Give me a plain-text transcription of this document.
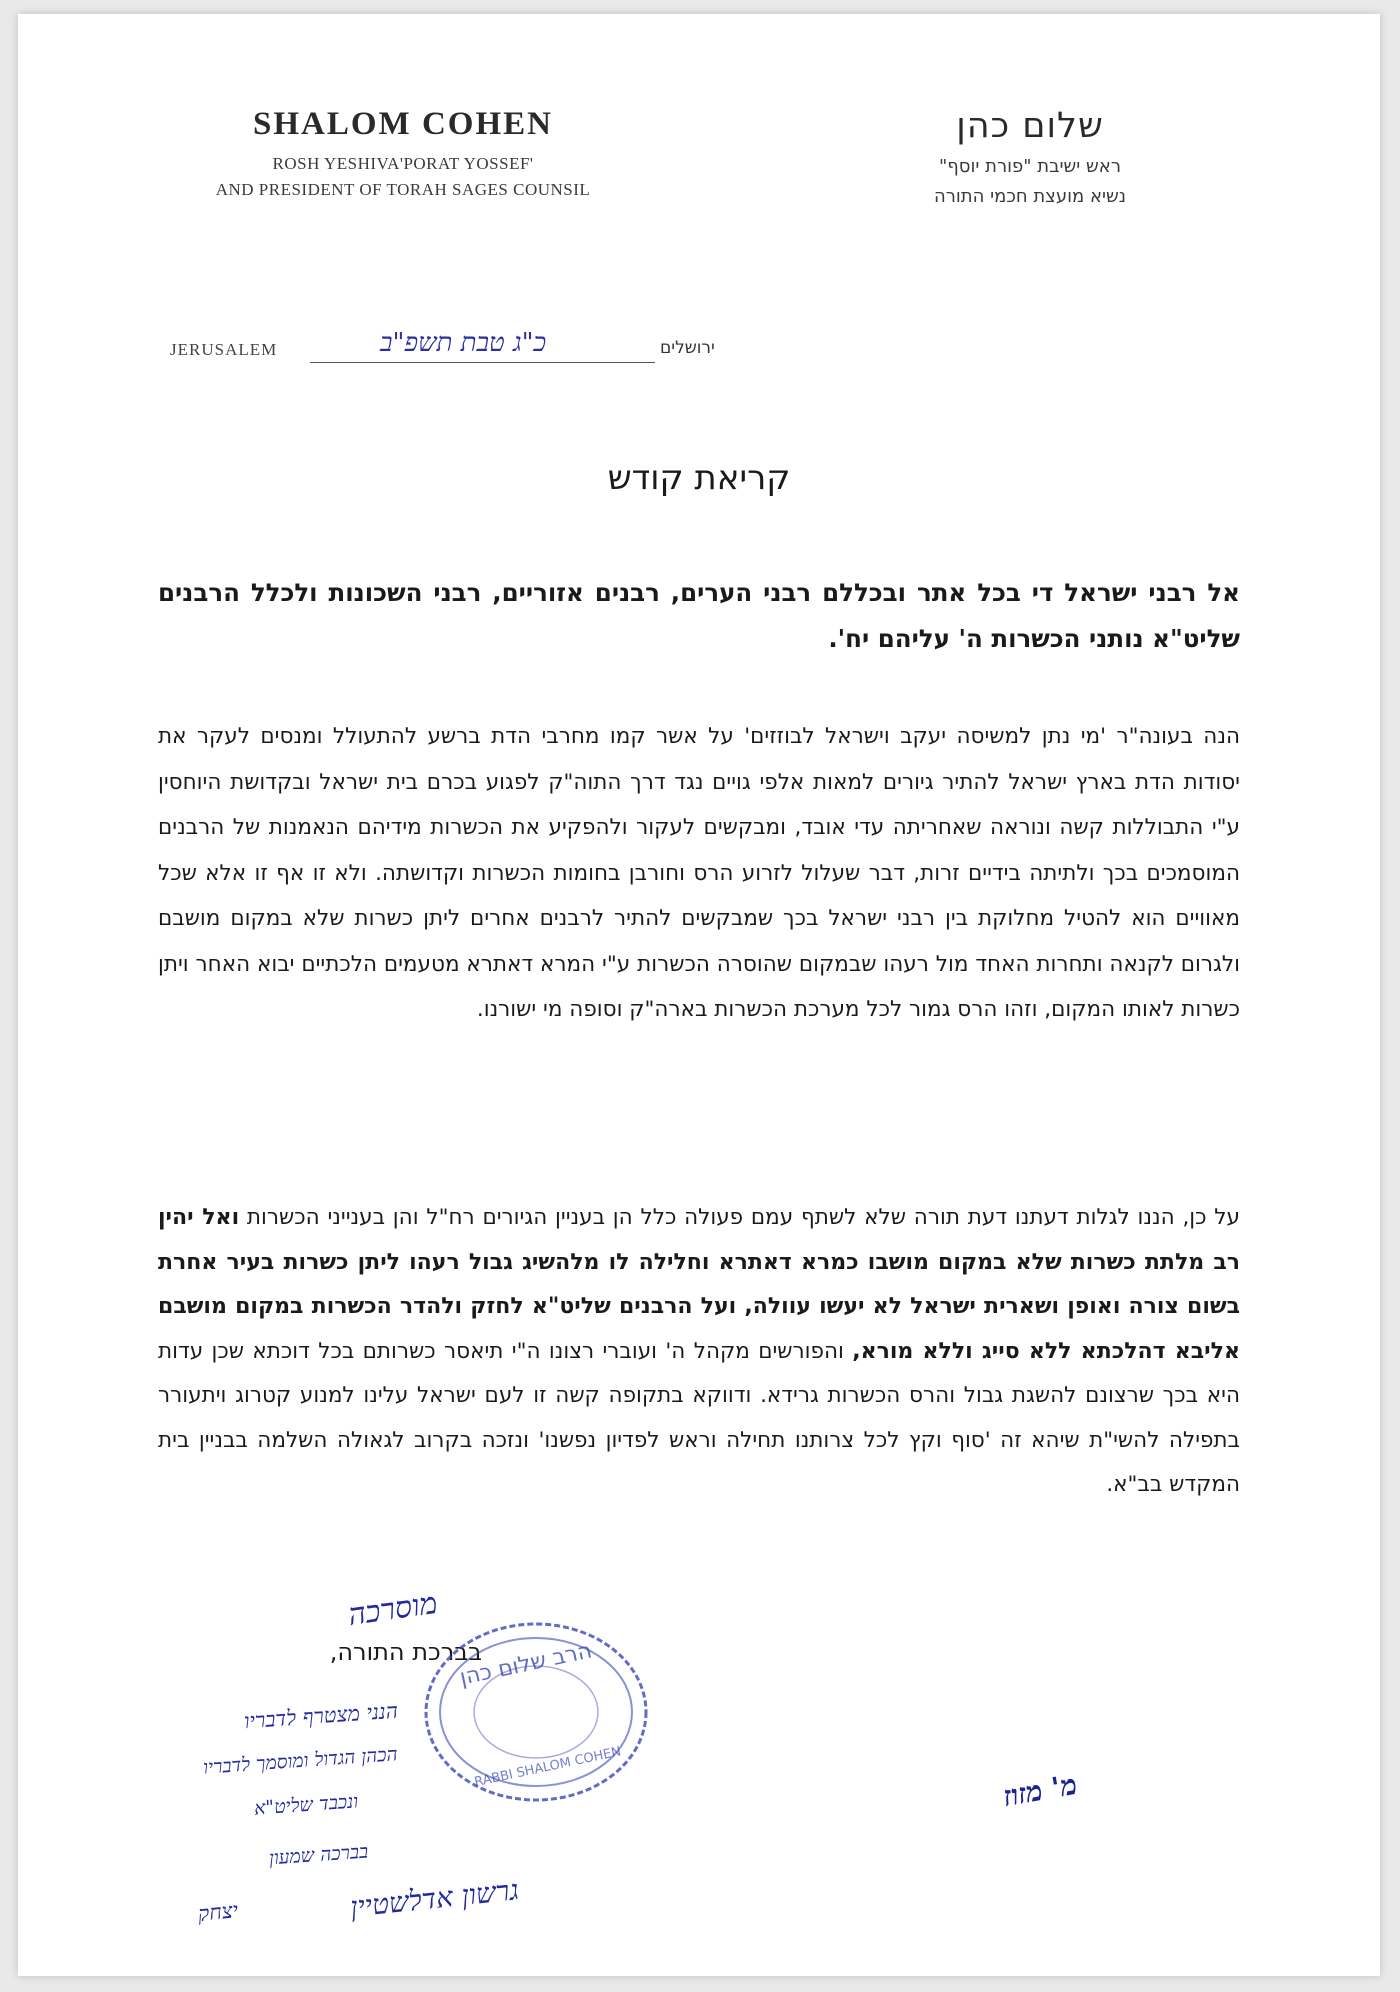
SHALOM COHEN
ROSH YESHIVA'PORAT YOSSEF'
AND PRESIDENT OF TORAH SAGES COUNSIL
שלום כהן
ראש ישיבת "פורת יוסף"
נשיא מועצת חכמי התורה
JERUSALEM	כ"ג טבת תשפ"ב	ירושלים
קריאת קודש
אל רבני ישראל די בכל אתר ובכללם רבני הערים, רבנים אזוריים, רבני השכונות ולכלל הרבנים שליט"א נותני הכשרות ה' עליהם יח'.
הנה בעונה"ר 'מי נתן למשיסה יעקב וישראל לבוזזים' על אשר קמו מחרבי הדת ברשע להתעולל ומנסים לעקר את יסודות הדת בארץ ישראל להתיר גיורים למאות אלפי גויים נגד דרך התוה"ק לפגוע בכרם בית ישראל ובקדושת היוחסין ע"י התבוללות קשה ונוראה שאחריתה עדי אובד, ומבקשים לעקור ולהפקיע את הכשרות מידיהם הנאמנות של הרבנים המוסמכים בכך ולתיתה בידיים זרות, דבר שעלול לזרוע הרס וחורבן בחומות הכשרות וקדושתה. ולא זו אף זו אלא שכל מאוויים הוא להטיל מחלוקת בין רבני ישראל בכך שמבקשים להתיר לרבנים אחרים ליתן כשרות שלא במקום מושבם ולגרום לקנאה ותחרות האחד מול רעהו שבמקום שהוסרה הכשרות ע"י המרא דאתרא מטעמים הלכתיים יבוא האחר ויתן כשרות לאותו המקום, וזהו הרס גמור לכל מערכת הכשרות בארה"ק וסופה מי ישורנו.
על כן, הננו לגלות דעתנו דעת תורה שלא לשתף עמם פעולה כלל הן בעניין הגיורים רח"ל והן בענייני הכשרות ואל יהין רב מלתת כשרות שלא במקום מושבו כמרא דאתרא וחלילה לו מלהשיג גבול רעהו ליתן כשרות בעיר אחרת בשום צורה ואופן ושארית ישראל לא יעשו עוולה, ועל הרבנים שליט"א לחזק ולהדר הכשרות במקום מושבם אליבא דהלכתא ללא סייג וללא מורא, והפורשים מקהל ה' ועוברי רצונו ה"י תיאסר כשרותם בכל דוכתא שכן עדות היא בכך שרצונם להשגת גבול והרס הכשרות גרידא. ודווקא בתקופה קשה זו לעם ישראל עלינו למנוע קטרוג ויתעורר בתפילה להשי"ת שיהא זה 'סוף וקץ לכל צרותנו תחילה וראש לפדיון נפשנו' ונזכה בקרוב לגאולה השלמה בבניין בית המקדש בב"א.
מוסרכה
בברכת התורה,
הרב שלום כהן
RABBI SHALOM COHEN
הנני מצטרף לדבריו
הכהן הגדול ומוסמך לדבריו
ונכבד שליט"א
בברכה שמעון
יצחק	גרשון אדלשטיין
מ' מזוז
